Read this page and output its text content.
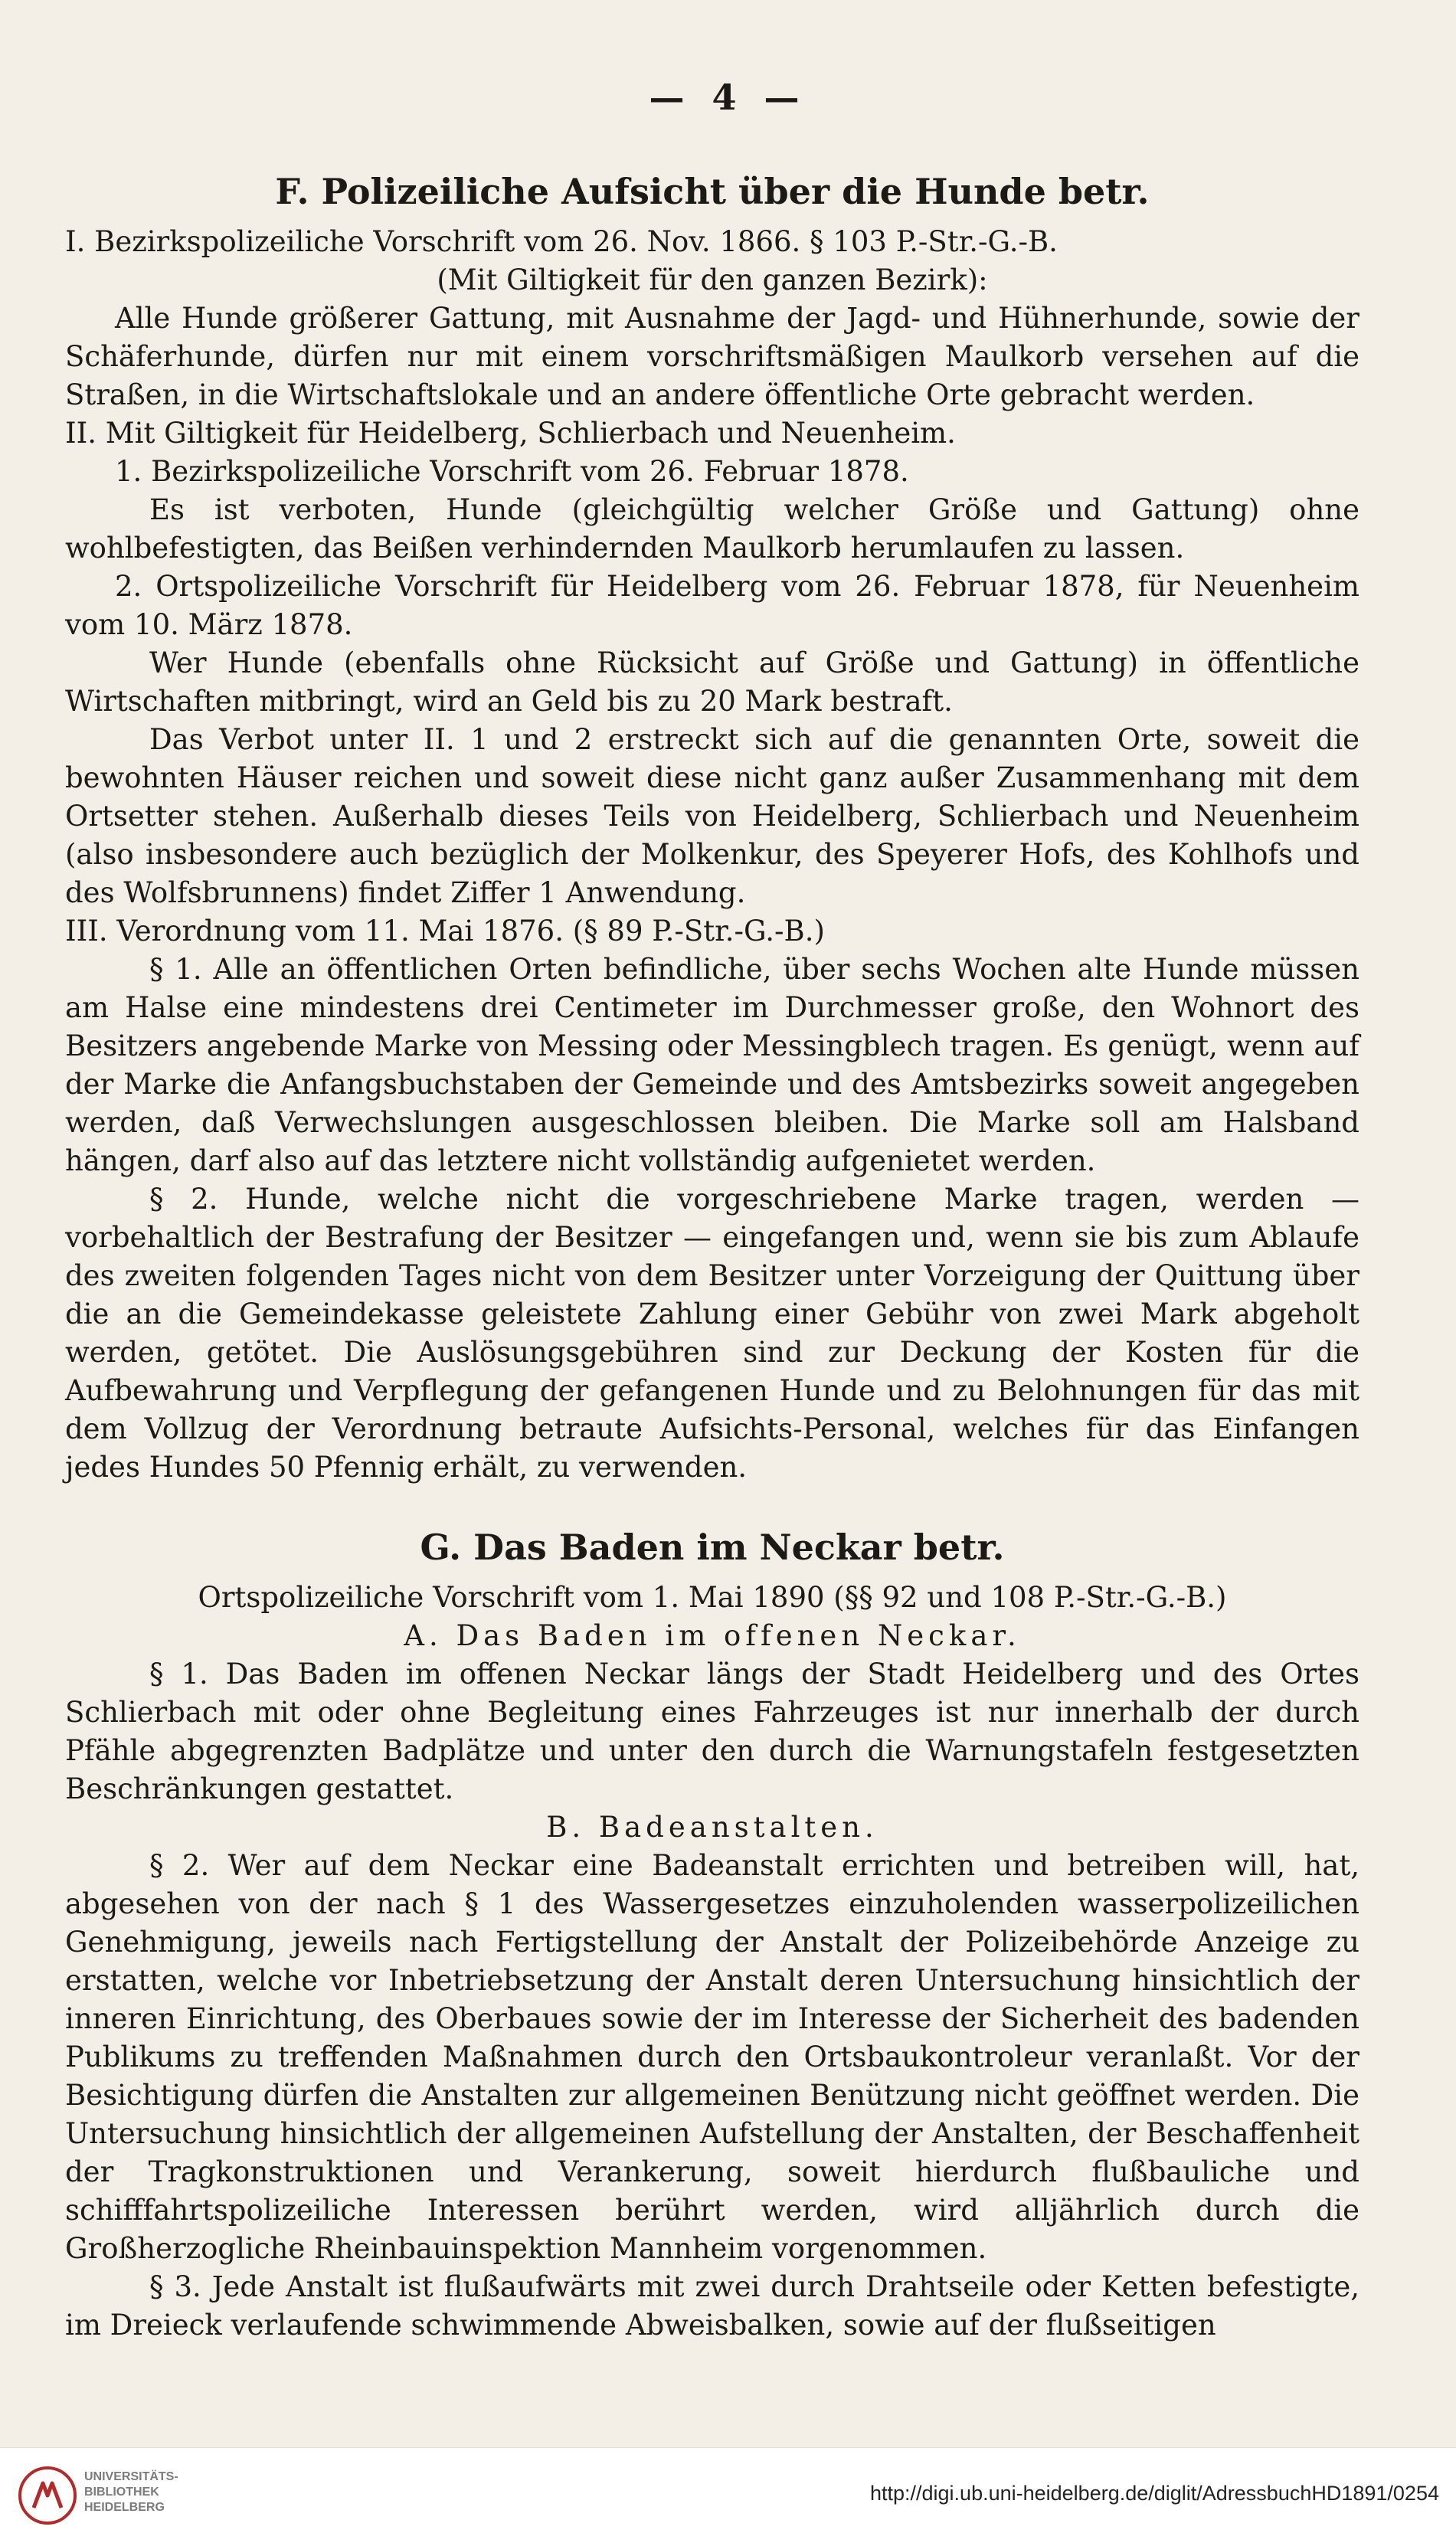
— 4 —

F. Polizeiliche Aufsicht über die Hunde betr.

I. Bezirkspolizeiliche Vorschrift vom 26. Nov. 1866. § 103 P.-Str.-G.-B.

(Mit Giltigkeit für den ganzen Bezirk):

Alle Hunde größerer Gattung, mit Ausnahme der Jagd- und Hühnerhunde, sowie der Schäferhunde, dürfen nur mit einem vorschriftsmäßigen Maulkorb versehen auf die Straßen, in die Wirtschaftslokale und an andere öffentliche Orte gebracht werden.

II. Mit Giltigkeit für Heidelberg, Schlierbach und Neuenheim.

1. Bezirkspolizeiliche Vorschrift vom 26. Februar 1878.

Es ist verboten, Hunde (gleichgültig welcher Größe und Gattung) ohne wohlbefestigten, das Beißen verhindernden Maulkorb herumlaufen zu lassen.

2. Ortspolizeiliche Vorschrift für Heidelberg vom 26. Februar 1878, für Neuenheim vom 10. März 1878.

Wer Hunde (ebenfalls ohne Rücksicht auf Größe und Gattung) in öffentliche Wirtschaften mitbringt, wird an Geld bis zu 20 Mark bestraft.

Das Verbot unter II. 1 und 2 erstreckt sich auf die genannten Orte, soweit die bewohnten Häuser reichen und soweit diese nicht ganz außer Zusammenhang mit dem Ortsetter stehen. Außerhalb dieses Teils von Heidelberg, Schlierbach und Neuenheim (also insbesondere auch bezüglich der Molkenkur, des Speyerer Hofs, des Kohlhofs und des Wolfsbrunnens) findet Ziffer 1 Anwendung.

III. Verordnung vom 11. Mai 1876. (§ 89 P.-Str.-G.-B.)

§ 1. Alle an öffentlichen Orten befindliche, über sechs Wochen alte Hunde müssen am Halse eine mindestens drei Centimeter im Durchmesser große, den Wohnort des Besitzers angebende Marke von Messing oder Messingblech tragen. Es genügt, wenn auf der Marke die Anfangsbuchstaben der Gemeinde und des Amtsbezirks soweit angegeben werden, daß Verwechslungen ausgeschlossen bleiben. Die Marke soll am Halsband hängen, darf also auf das letztere nicht vollständig aufgenietet werden.

§ 2. Hunde, welche nicht die vorgeschriebene Marke tragen, werden — vorbehaltlich der Bestrafung der Besitzer — eingefangen und, wenn sie bis zum Ablaufe des zweiten folgenden Tages nicht von dem Besitzer unter Vorzeigung der Quittung über die an die Gemeindekasse geleistete Zahlung einer Gebühr von zwei Mark abgeholt werden, getötet. Die Auslösungsgebühren sind zur Deckung der Kosten für die Aufbewahrung und Verpflegung der gefangenen Hunde und zu Belohnungen für das mit dem Vollzug der Verordnung betraute Aufsichts-Personal, welches für das Einfangen jedes Hundes 50 Pfennig erhält, zu verwenden.

G. Das Baden im Neckar betr.

Ortspolizeiliche Vorschrift vom 1. Mai 1890 (§§ 92 und 108 P.-Str.-G.-B.)

A. Das Baden im offenen Neckar.

§ 1. Das Baden im offenen Neckar längs der Stadt Heidelberg und des Ortes Schlierbach mit oder ohne Begleitung eines Fahrzeuges ist nur innerhalb der durch Pfähle abgegrenzten Badplätze und unter den durch die Warnungstafeln festgesetzten Beschränkungen gestattet.

B. Badeanstalten.

§ 2. Wer auf dem Neckar eine Badeanstalt errichten und betreiben will, hat, abgesehen von der nach § 1 des Wassergesetzes einzuholenden wasserpolizeilichen Genehmigung, jeweils nach Fertigstellung der Anstalt der Polizeibehörde Anzeige zu erstatten, welche vor Inbetriebsetzung der Anstalt deren Untersuchung hinsichtlich der inneren Einrichtung, des Oberbaues sowie der im Interesse der Sicherheit des badenden Publikums zu treffenden Maßnahmen durch den Ortsbaukontroleur veranlaßt. Vor der Besichtigung dürfen die Anstalten zur allgemeinen Benützung nicht geöffnet werden. Die Untersuchung hinsichtlich der allgemeinen Aufstellung der Anstalten, der Beschaffenheit der Tragkonstruktionen und Verankerung, soweit hierdurch flußbauliche und schifffahrtspolizeiliche Interessen berührt werden, wird alljährlich durch die Großherzogliche Rheinbauinspektion Mannheim vorgenommen.

§ 3. Jede Anstalt ist flußaufwärts mit zwei durch Drahtseile oder Ketten befestigte, im Dreieck verlaufende schwimmende Abweisbalken, sowie auf der flußseitigen

UNIVERSITÄTS-
BIBLIOTHEK
HEIDELBERG
http://digi.ub.uni-heidelberg.de/diglit/AdressbuchHD1891/0254
